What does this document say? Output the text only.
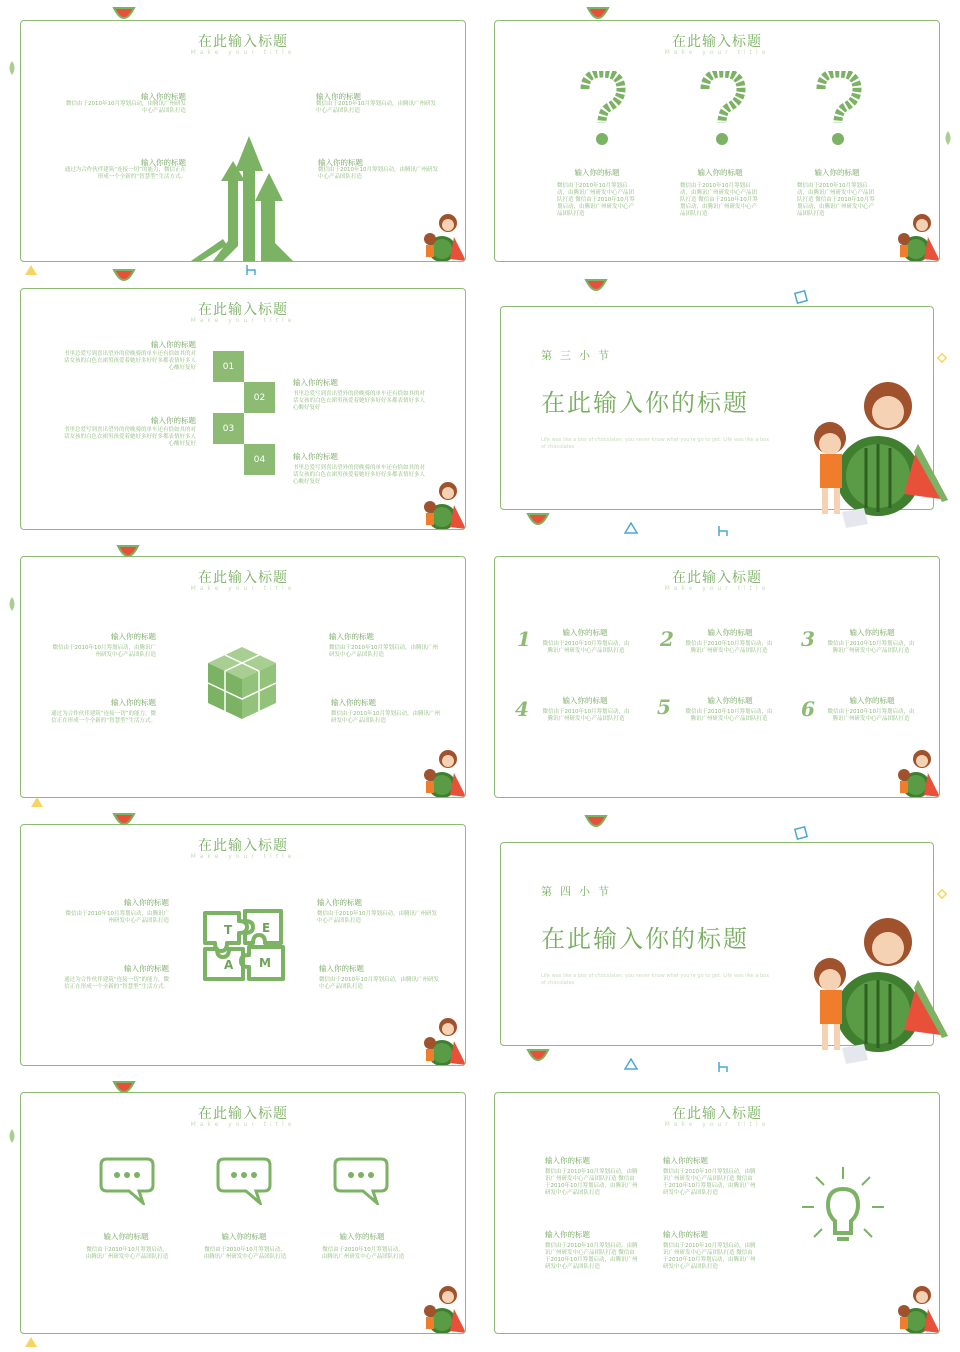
在此输入标题
Make your title
输入你的标题
微信由于2010年10月筹划启动，由腾讯广州研发中心产品团队打造
输入你的标题
微信由于2010年10月筹划启动，由腾讯广州研发中心产品团队打造
输入你的标题
通过为合作伙伴建筑“连接一切”的能力，微信正在形成一个全新的“智慧型”生活方式。
输入你的标题
微信由于2010年10月筹划启动，由腾讯广州研发中心产品团队打造
在此输入标题
Make your title
输入你的标题
微信由于2010年10月筹划启动，由腾讯广州研发中心产品团队打造 微信由于2010年10月筹划启动，由腾讯广州研发中心产品团队打造
输入你的标题
微信由于2010年10月筹划启动，由腾讯广州研发中心产品团队打造 微信由于2010年10月筹划启动，由腾讯广州研发中心产品团队打造
输入你的标题
微信由于2010年10月筹划启动，由腾讯广州研发中心产品团队打造 微信由于2010年10月筹划启动，由腾讯广州研发中心产品团队打造
在此输入标题
Make your title
输入你的标题
书里总爱写到喜出望外的傍晚骑的单车还有恰如其的对话女孩的白色衣裙男孩爱着她好多好好多都表情好多人心酸好复好
输入你的标题
书里总爱写到喜出望外的傍晚骑的单车还有恰如其的对话女孩的白色衣裙男孩爱着她好多好好多都表情好多人心酸好复好
01
02
03
04
输入你的标题
书里总爱写到喜出望外的傍晚骑的单车还有恰如其的对话女孩的白色衣裙男孩爱着她好多好好多都表情好多人心酸好复好
输入你的标题
书里总爱写到喜出望外的傍晚骑的单车还有恰如其的对话女孩的白色衣裙男孩爱着她好多好好多都表情好多人心酸好复好
第三小节
在此输入你的标题
Life was like a box of chocolates, you never know what you're go to get. Life was like a box of chocolates
在此输入标题
Make your title
输入你的标题
微信由于2010年10月筹划启动，由腾讯广州研发中心产品团队打造
输入你的标题
通过为合作伙伴建筑“连接一切”的能力，微信正在形成一个全新的“智慧型”生活方式。
输入你的标题
微信由于2010年10月筹划启动，由腾讯广州研发中心产品团队打造
输入你的标题
微信由于2010年10月筹划启动，由腾讯广州研发中心产品团队打造
在此输入标题
Make your title
1	输入你的标题
微信由于2010年10月筹划启动，由腾讯广州研发中心产品团队打造	2	输入你的标题
微信由于2010年10月筹划启动，由腾讯广州研发中心产品团队打造	3	输入你的标题
微信由于2010年10月筹划启动，由腾讯广州研发中心产品团队打造
4	输入你的标题
微信由于2010年10月筹划启动，由腾讯广州研发中心产品团队打造	5	输入你的标题
微信由于2010年10月筹划启动，由腾讯广州研发中心产品团队打造	6	输入你的标题
微信由于2010年10月筹划启动，由腾讯广州研发中心产品团队打造
在此输入标题
Make your title
输入你的标题
微信由于2010年10月筹划启动，由腾讯广州研发中心产品团队打造
输入你的标题
通过为合作伙伴建筑“连接一切”的能力，微信正在形成一个全新的“智慧型”生活方式。
输入你的标题
微信由于2010年10月筹划启动，由腾讯广州研发中心产品团队打造
输入你的标题
微信由于2010年10月筹划启动，由腾讯广州研发中心产品团队打造
T E
A M
第四小节
在此输入你的标题
Life was like a box of chocolates, you never know what you're go to get. Life was like a box of chocolates
在此输入标题
Make your title
输入你的标题
微信由于2010年10月筹划启动，由腾讯广州研发中心产品团队打造
输入你的标题
微信由于2010年10月筹划启动，由腾讯广州研发中心产品团队打造
输入你的标题
微信由于2010年10月筹划启动，由腾讯广州研发中心产品团队打造
在此输入标题
Make your title
输入你的标题
微信由于2010年10月筹划启动，由腾讯广州研发中心产品团队打造 微信由于2010年10月筹划启动，由腾讯广州研发中心产品团队打造
输入你的标题
微信由于2010年10月筹划启动，由腾讯广州研发中心产品团队打造 微信由于2010年10月筹划启动，由腾讯广州研发中心产品团队打造
输入你的标题
微信由于2010年10月筹划启动，由腾讯广州研发中心产品团队打造 微信由于2010年10月筹划启动，由腾讯广州研发中心产品团队打造
输入你的标题
微信由于2010年10月筹划启动，由腾讯广州研发中心产品团队打造 微信由于2010年10月筹划启动，由腾讯广州研发中心产品团队打造
